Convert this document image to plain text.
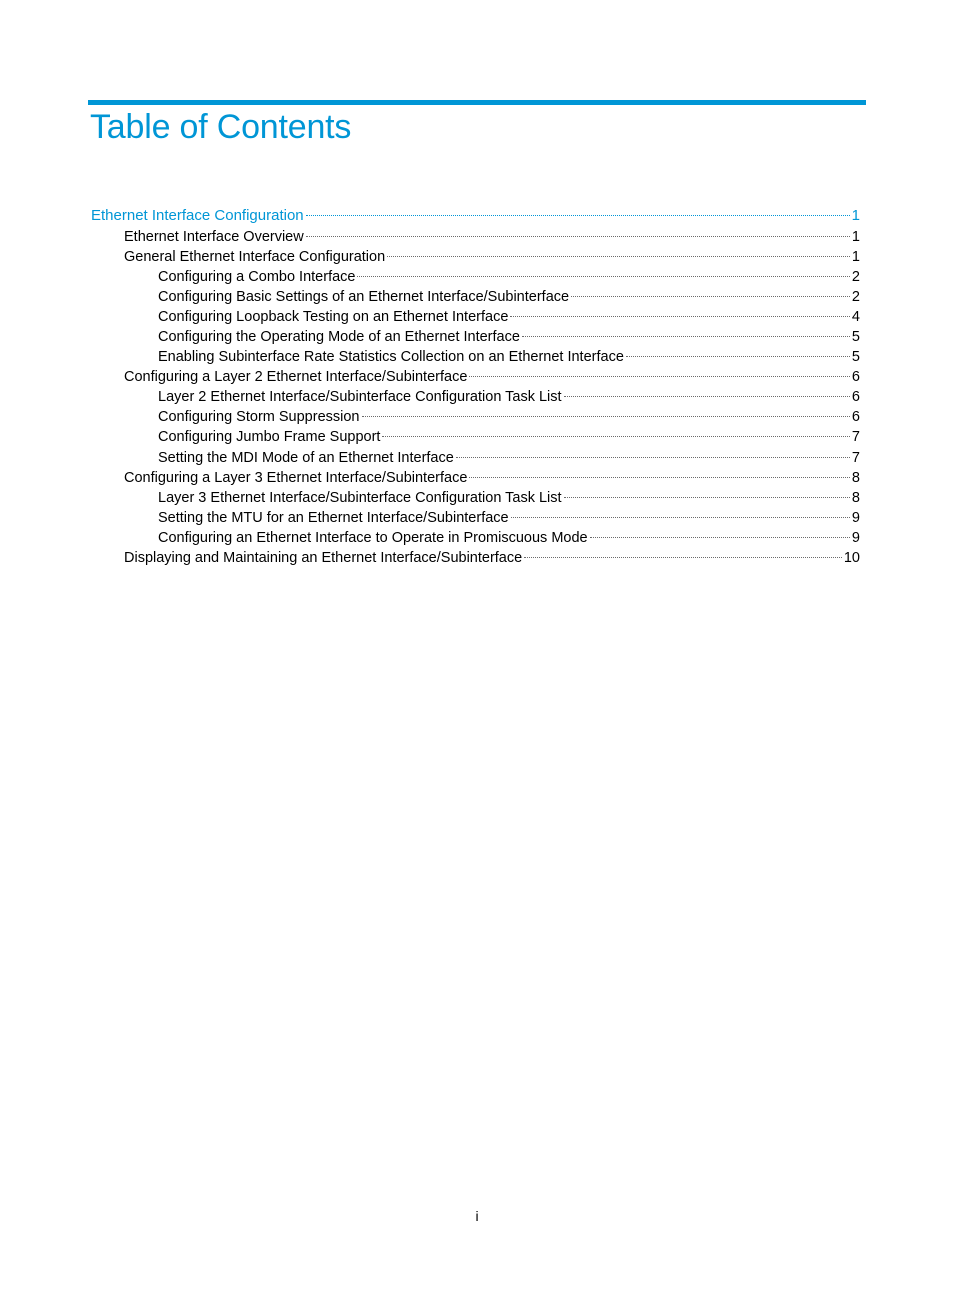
Table of Contents
Ethernet Interface Configuration	1
Ethernet Interface Overview	1
General Ethernet Interface Configuration	1
Configuring a Combo Interface	2
Configuring Basic Settings of an Ethernet Interface/Subinterface	2
Configuring Loopback Testing on an Ethernet Interface	4
Configuring the Operating Mode of an Ethernet Interface	5
Enabling Subinterface Rate Statistics Collection on an Ethernet Interface	5
Configuring a Layer 2 Ethernet Interface/Subinterface	6
Layer 2 Ethernet Interface/Subinterface Configuration Task List	6
Configuring Storm Suppression	6
Configuring Jumbo Frame Support	7
Setting the MDI Mode of an Ethernet Interface	7
Configuring a Layer 3 Ethernet Interface/Subinterface	8
Layer 3 Ethernet Interface/Subinterface Configuration Task List	8
Setting the MTU for an Ethernet Interface/Subinterface	9
Configuring an Ethernet Interface to Operate in Promiscuous Mode	9
Displaying and Maintaining an Ethernet Interface/Subinterface	10
i
